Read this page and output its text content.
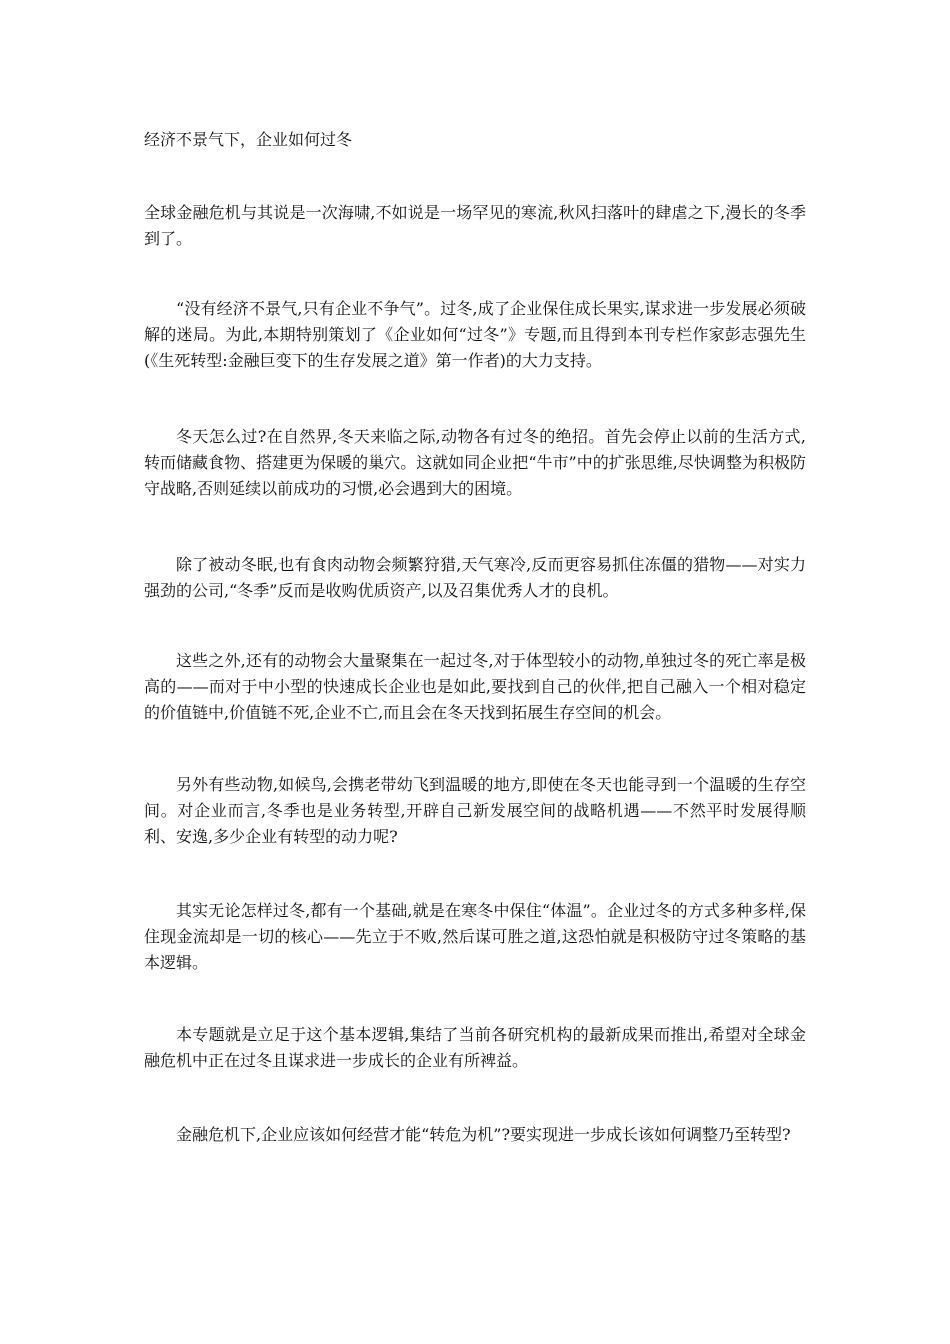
经济不景气下，企业如何过冬

全球金融危机与其说是一次海啸,不如说是一场罕见的寒流,秋风扫落叶的肆虐之下,漫长的冬季到了。

“没有经济不景气,只有企业不争气”。过冬,成了企业保住成长果实,谋求进一步发展必须破解的迷局。为此,本期特别策划了《企业如何“过冬”》专题,而且得到本刊专栏作家彭志强先生(《生死转型:金融巨变下的生存发展之道》第一作者)的大力支持。

冬天怎么过?在自然界,冬天来临之际,动物各有过冬的绝招。首先会停止以前的生活方式,转而储藏食物、搭建更为保暖的巢穴。这就如同企业把“牛市”中的扩张思维,尽快调整为积极防守战略,否则延续以前成功的习惯,必会遇到大的困境。

除了被动冬眠,也有食肉动物会频繁狩猎,天气寒冷,反而更容易抓住冻僵的猎物——对实力强劲的公司,“冬季”反而是收购优质资产,以及召集优秀人才的良机。

这些之外,还有的动物会大量聚集在一起过冬,对于体型较小的动物,单独过冬的死亡率是极高的——而对于中小型的快速成长企业也是如此,要找到自己的伙伴,把自己融入一个相对稳定的价值链中,价值链不死,企业不亡,而且会在冬天找到拓展生存空间的机会。

另外有些动物,如候鸟,会携老带幼飞到温暖的地方,即使在冬天也能寻到一个温暖的生存空间。对企业而言,冬季也是业务转型,开辟自己新发展空间的战略机遇——不然平时发展得顺利、安逸,多少企业有转型的动力呢?

其实无论怎样过冬,都有一个基础,就是在寒冬中保住“体温”。企业过冬的方式多种多样,保住现金流却是一切的核心——先立于不败,然后谋可胜之道,这恐怕就是积极防守过冬策略的基本逻辑。

本专题就是立足于这个基本逻辑,集结了当前各研究机构的最新成果而推出,希望对全球金融危机中正在过冬且谋求进一步成长的企业有所裨益。

金融危机下,企业应该如何经营才能“转危为机”?要实现进一步成长该如何调整乃至转型?
